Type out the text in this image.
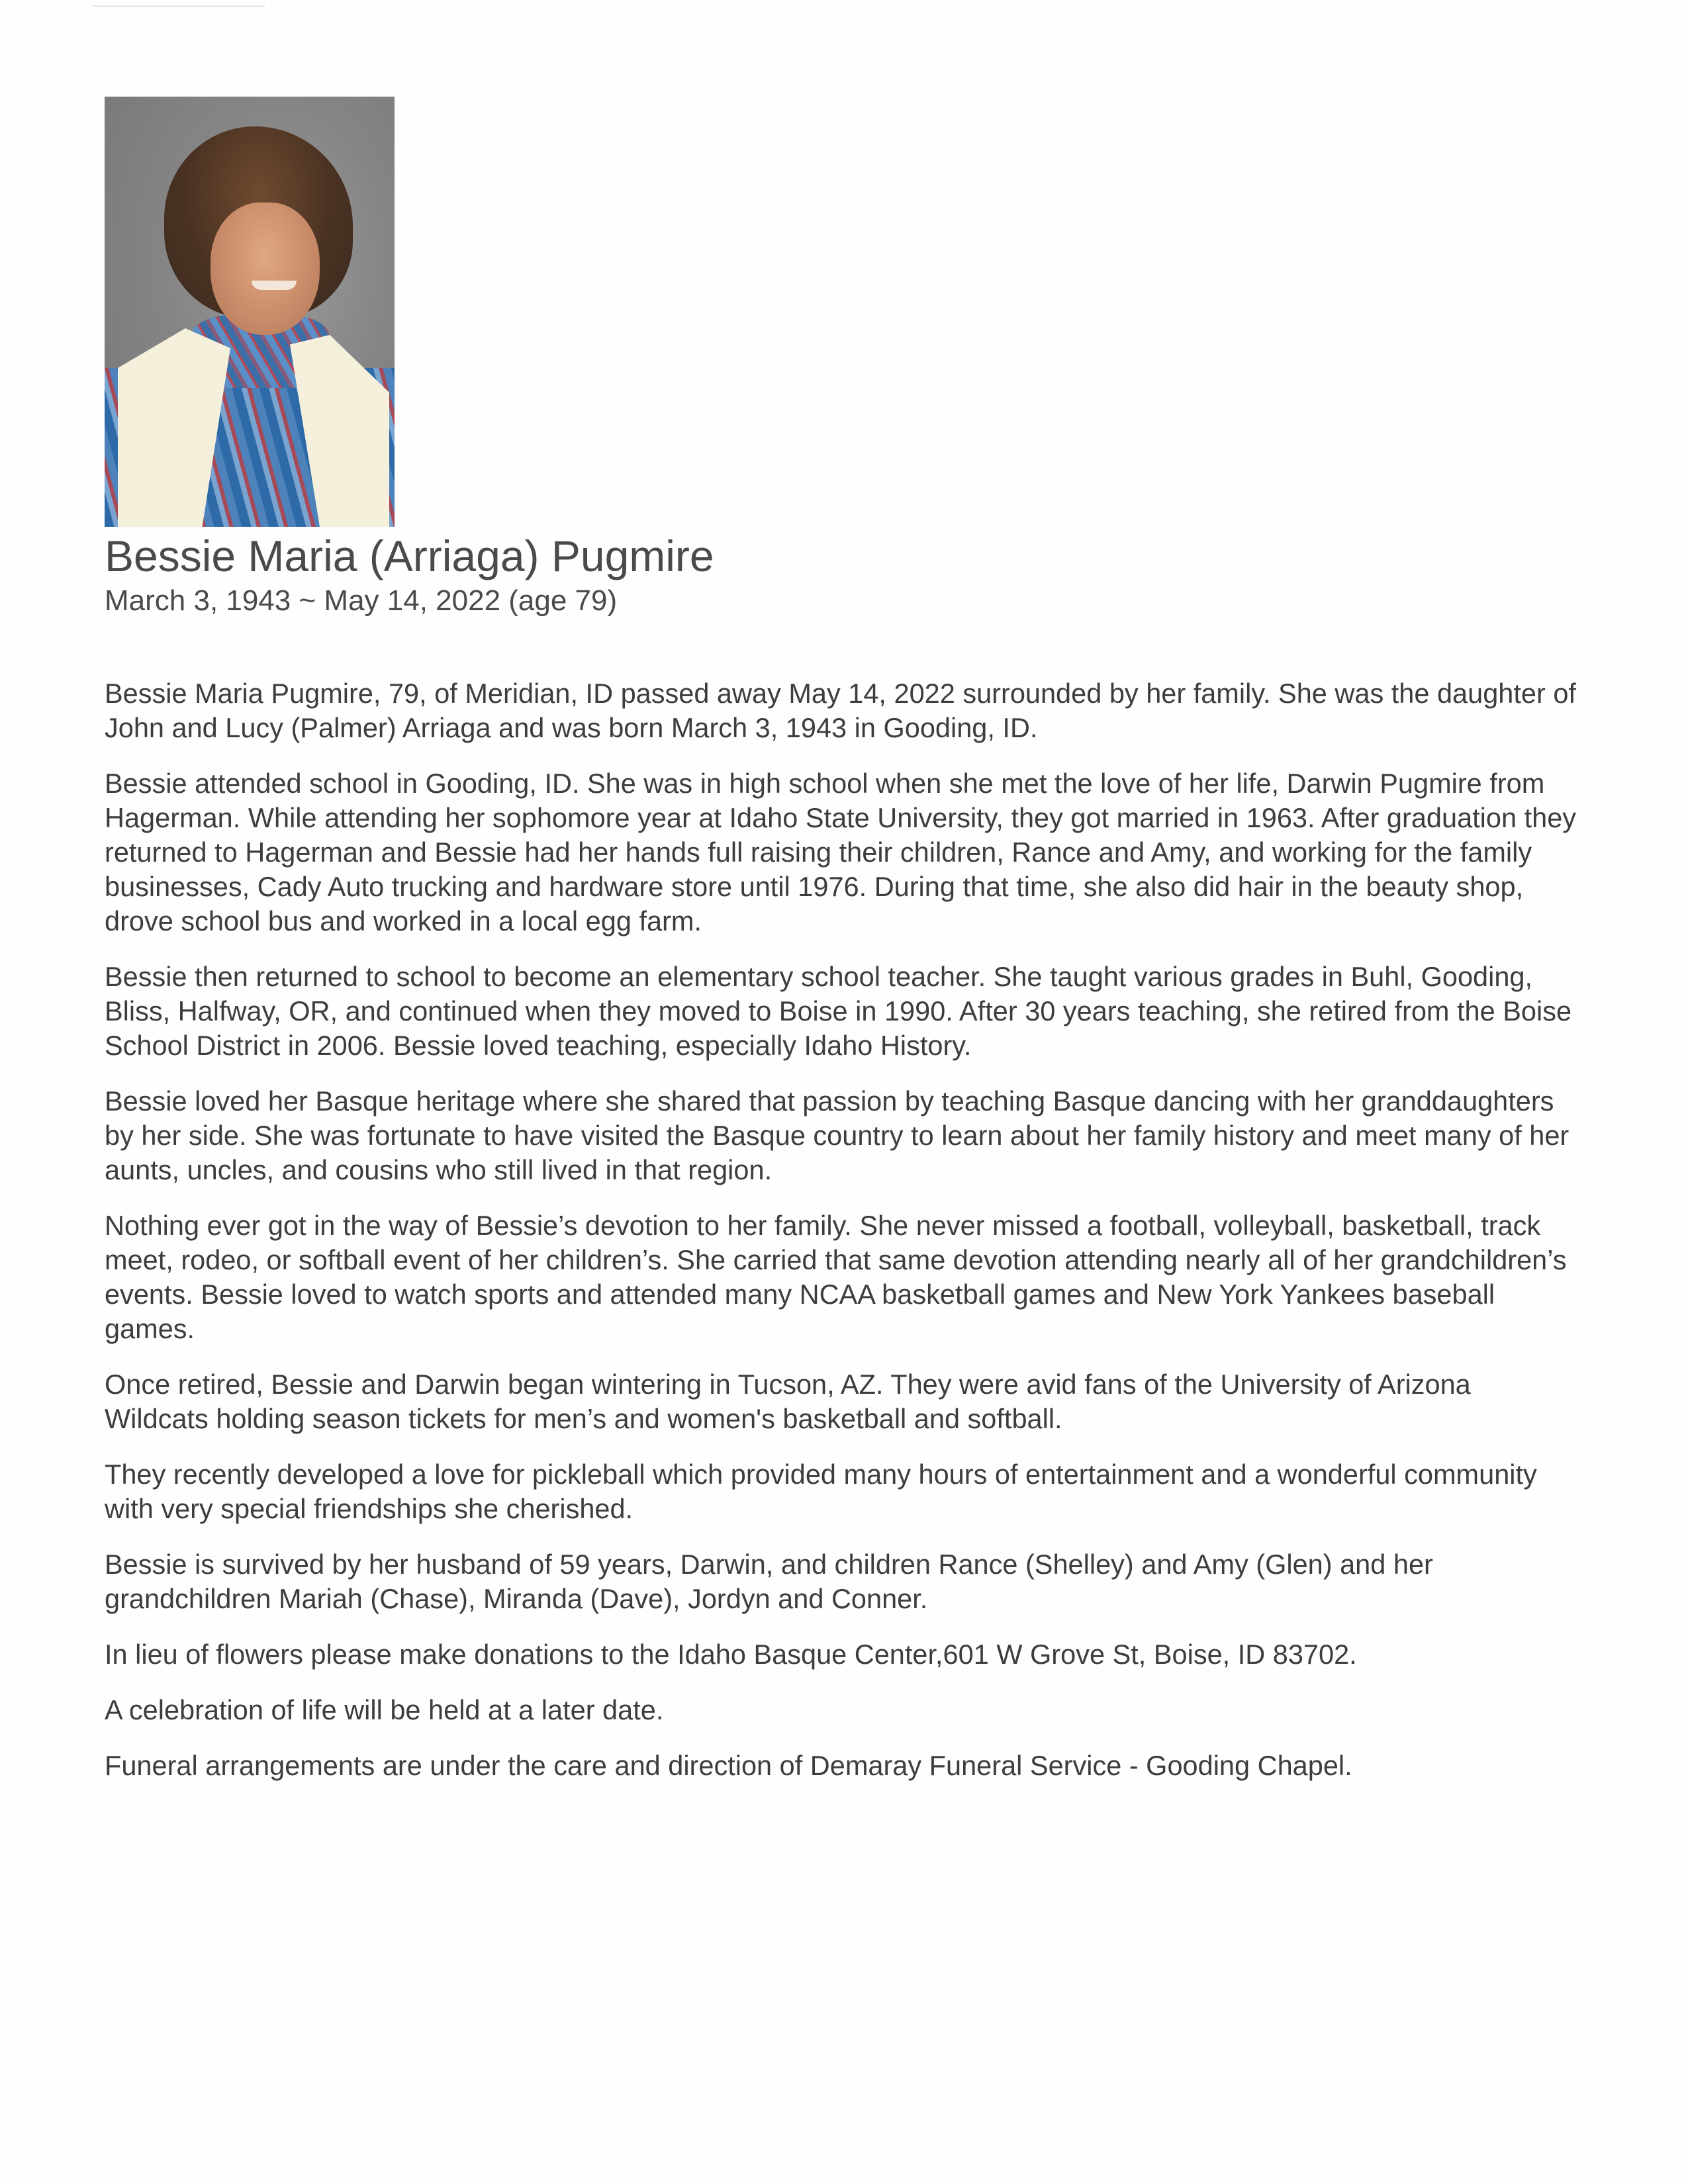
Bessie Maria (Arriaga) Pugmire
March 3, 1943 ~ May 14, 2022 (age 79)

Bessie Maria Pugmire, 79, of Meridian, ID passed away May 14, 2022 surrounded by her family. She was the daughter of John and Lucy (Palmer) Arriaga and was born March 3, 1943 in Gooding, ID.

Bessie attended school in Gooding, ID. She was in high school when she met the love of her life, Darwin Pugmire from Hagerman. While attending her sophomore year at Idaho State University, they got married in 1963. After graduation they returned to Hagerman and Bessie had her hands full raising their children, Rance and Amy, and working for the family businesses, Cady Auto trucking and hardware store until 1976. During that time, she also did hair in the beauty shop, drove school bus and worked in a local egg farm.

Bessie then returned to school to become an elementary school teacher. She taught various grades in Buhl, Gooding, Bliss, Halfway, OR, and continued when they moved to Boise in 1990. After 30 years teaching, she retired from the Boise School District in 2006. Bessie loved teaching, especially Idaho History.

Bessie loved her Basque heritage where she shared that passion by teaching Basque dancing with her granddaughters by her side. She was fortunate to have visited the Basque country to learn about her family history and meet many of her aunts, uncles, and cousins who still lived in that region.

Nothing ever got in the way of Bessie’s devotion to her family. She never missed a football, volleyball, basketball, track meet, rodeo, or softball event of her children’s. She carried that same devotion attending nearly all of her grandchildren’s events. Bessie loved to watch sports and attended many NCAA basketball games and New York Yankees baseball games.

Once retired, Bessie and Darwin began wintering in Tucson, AZ. They were avid fans of the University of Arizona Wildcats holding season tickets for men’s and women's basketball and softball.

They recently developed a love for pickleball which provided many hours of entertainment and a wonderful community with very special friendships she cherished.

Bessie is survived by her husband of 59 years, Darwin, and children Rance (Shelley) and Amy (Glen) and her grandchildren Mariah (Chase), Miranda (Dave), Jordyn and Conner.

In lieu of flowers please make donations to the Idaho Basque Center,601 W Grove St, Boise, ID 83702.

A celebration of life will be held at a later date.

Funeral arrangements are under the care and direction of Demaray Funeral Service - Gooding Chapel.
